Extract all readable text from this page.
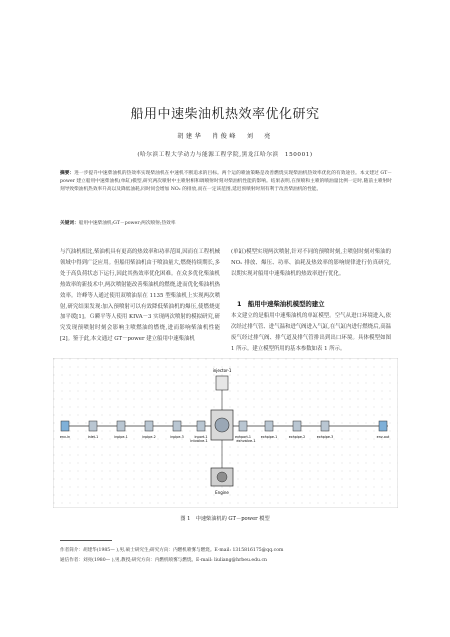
船用中速柴油机热效率优化研究
胡建华　肖俊峰　刘　亮
(哈尔滨工程大学动力与能源工程学院,黑龙江哈尔滨　150001)
摘要：进一步提升中速柴油机的热效率实现柴油机在中速机不断追求的目标。两个运的喷油策略是改善燃烧实现柴油机热效率优化的有效途径。本文建过 GT－power 建立船用中速柴油机(单缸)模型,研究两次喷射中主喷射相和调喷射时刻对柴油机性能的影响。结果表明,在预喷和主喷的喷油量比例一定时,随前主喷射时刻导致柴油机热效率升高以及降低油耗,同时同会增加 NOₓ 的排放,而在一定该范围,延迟预喷射时刻有利于改善柴油机的性能。
关键词：船用中速柴油机;GT－power;两次喷射;热效率
与汽油机相比,柴油机具有更高的热效率和功率范围,因而在工程机械领域中得到广泛应用。但船用柴油机由于喷油量大,燃烧持续期长,多处于高负荷状态下运行,因此其热效率优化困难。在众多优化柴油机热效率的新技术中,两次喷射能改善柴油机的燃烧,进而优化柴油机热效率。许峰等人通过使用双喷油泵在 1135 型柴油机上实现两次喷射,研究结果发现:加入预喷射可以有效降低柴油机的爆压,使燃烧更加平缓[1]。Ｇ瞬平等人使用 KIVA－3 实现两次喷射的模拟研究,研究发现预喷射时刻会影响主喷燃油的燃烧,进而影响柴油机性能[2]。鉴于此,本文通过 GT－power 建立船用中速柴油机
(单缸)模型实现两次喷射,针对不同的预喷时刻,主喷射时刻对柴油的 NOₓ 排放、爆压、功率、油耗及热效率的影响规律进行仿真研究,以期实现对船用中速柴油机的热效率进行优化。
1　船用中速柴油机模型的建立
本文建立的是船用中速柴油机的单缸模型。空气从进口环境进入,依次经过排气管、进气温和进气阀进入气缸,在气缸内进行燃烧后,高温废气经过排气阀、排气道及排气管排出到出口环境。具体模型如图 1 所示。建立模型所用的基本参数如表 1 所示。
env-in	inlet-1	inpipe-1	inpipe-2	inpipe-3	inport-1	exhport-1	exhpipe-1	exhpipe-2	exhpipe-3	env-out
injector-1
Engine
intvalve-1	exhvalve-1
图 1　中速柴油机的 GT－power 模型
作者简介：胡建华(1985— ),男,硕士研究生;研究方向：内燃机喷雾与燃烧。E-mail: 1315816175@qq.com
通信作者：刘亮(1980— ),男,教授;研究方向：内燃机喷雾与燃烧。E-mail: liuliang@hrbeu.edu.cn
